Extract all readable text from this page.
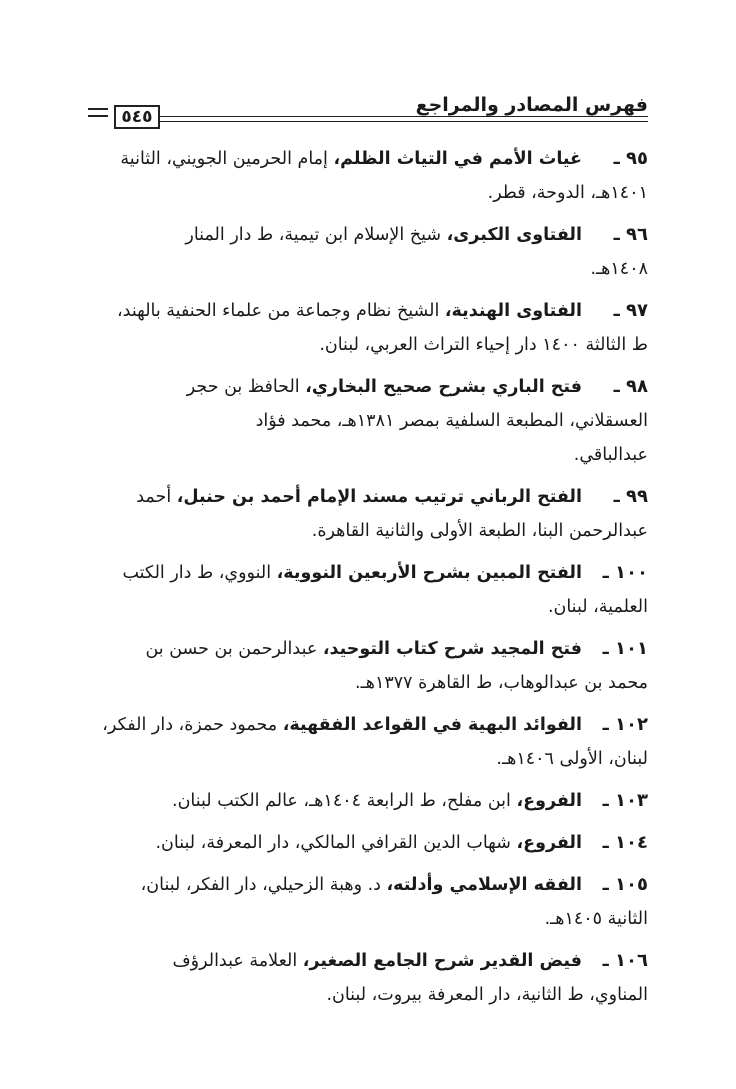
٥٤٥
فهرس المصادر والمراجع
٩٥ ـ
غياث الأمم في التياث الظلم، إمام الحرمين الجويني، الثانية
١٤٠١هـ، الدوحة، قطر.
٩٦ ـ
الفتاوى الكبرى، شيخ الإسلام ابن تيمية، ط دار المنار
١٤٠٨هـ.
٩٧ ـ
الفتاوى الهندية، الشيخ نظام وجماعة من علماء الحنفية بالهند،
ط الثالثة ١٤٠٠ دار إحياء التراث العربي، لبنان.
٩٨ ـ
فتح الباري بشرح صحيح البخاري، الحافظ بن حجر
العسقلاني، المطبعة السلفية بمصر ١٣٨١هـ، محمد فؤاد
عبدالباقي.
٩٩ ـ
الفتح الرباني ترتيب مسند الإمام أحمد بن حنبل، أحمد
عبدالرحمن البنا، الطبعة الأولى والثانية القاهرة.
١٠٠ ـ
الفتح المبين بشرح الأربعين النووية، النووي، ط دار الكتب
العلمية، لبنان.
١٠١ ـ
فتح المجيد شرح كتاب التوحيد، عبدالرحمن بن حسن بن
محمد بن عبدالوهاب، ط القاهرة ١٣٧٧هـ.
١٠٢ ـ
الفوائد البهية في القواعد الفقهية، محمود حمزة، دار الفكر،
لبنان، الأولى ١٤٠٦هـ.
١٠٣ ـ
الفروع، ابن مفلح، ط الرابعة ١٤٠٤هـ، عالم الكتب لبنان.
١٠٤ ـ
الفروع، شهاب الدين القرافي المالكي، دار المعرفة، لبنان.
١٠٥ ـ
الفقه الإسلامي وأدلته، د. وهبة الزحيلي، دار الفكر، لبنان،
الثانية ١٤٠٥هـ.
١٠٦ ـ
فيض القدير شرح الجامع الصغير، العلامة عبدالرؤف
المناوي، ط الثانية، دار المعرفة بيروت، لبنان.
